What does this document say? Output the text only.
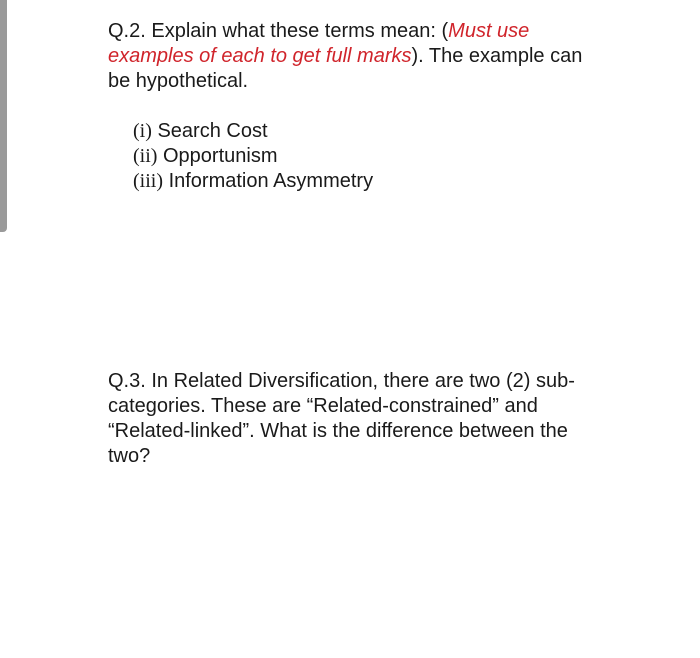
Q.2. Explain what these terms mean: (Must use examples of each to get full marks). The example can be hypothetical.
(i) Search Cost
(ii) Opportunism
(iii) Information Asymmetry
Q.3. In Related Diversification, there are two (2) sub-categories. These are “Related-constrained” and “Related-linked”. What is the difference between the two?
